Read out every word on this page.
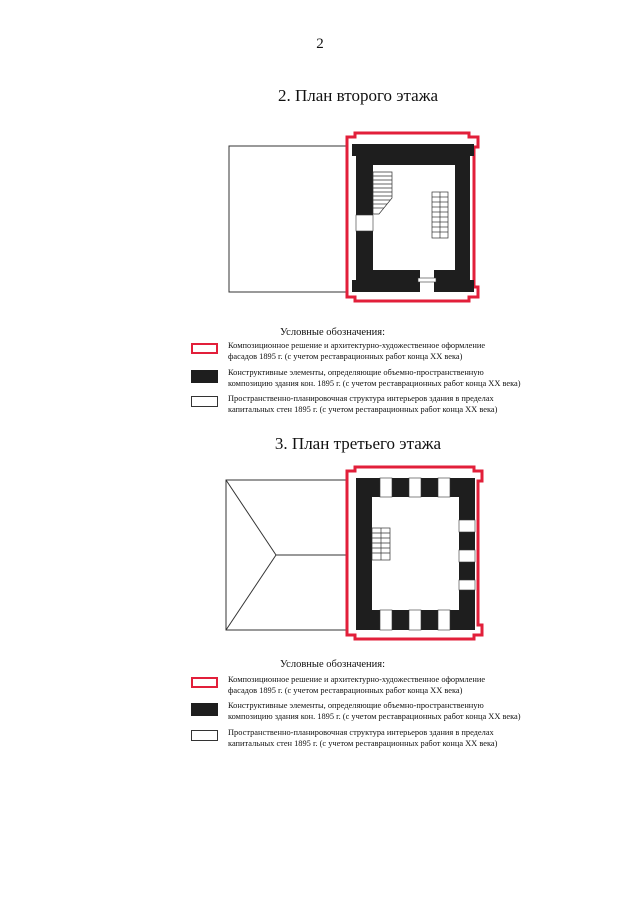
2
2. План второго этажа
Условные обозначения:
Композиционное решение и архитектурно-художественное оформление
фасадов 1895 г. (с учетом реставрационных работ конца XX века)
Конструктивные элементы, определяющие объемно-пространственную
композицию здания кон. 1895 г. (с учетом реставрационных работ конца XX века)
Пространственно-планировочная структура интерьеров здания в пределах
капитальных стен 1895 г. (с учетом реставрационных работ конца XX века)
3. План третьего этажа
Условные обозначения:
Композиционное решение и архитектурно-художественное оформление
фасадов 1895 г. (с учетом реставрационных работ конца XX века)
Конструктивные элементы, определяющие объемно-пространственную
композицию здания кон. 1895 г. (с учетом реставрационных работ конца XX века)
Пространственно-планировочная структура интерьеров здания в пределах
капитальных стен 1895 г. (с учетом реставрационных работ конца XX века)
